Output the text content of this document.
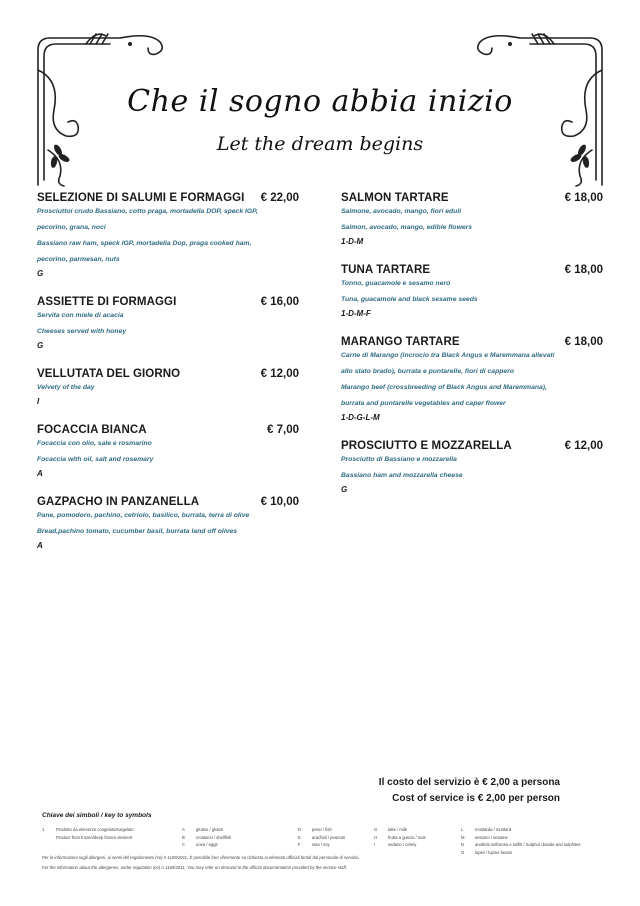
Che il sogno abbia inizio
Let the dream begins
SELEZIONE DI SALUMI E FORMAGGI € 22,00
Prosciuttoi crudo Bassiano, cotto praga, mortadella DOP, speck IGP,
pecorino, grana, noci
Bassiano raw ham, speck IGP, mortadella Dop, praga cooked ham,
pecorino, parmesan, nuts
G
ASSIETTE DI FORMAGGI	€ 16,00
Servita con miele di acacia
Cheeses served with honey
G
VELLUTATA DEL GIORNO	€ 12,00
Velvety of the day
I
FOCACCIA BIANCA	€ 7,00
Focaccia con olio, sale e rosmarino
Focaccia with oil, salt and rosemary
A
GAZPACHO IN PANZANELLA	€ 10,00
Pane, pomodoro, pachino, cetriolo, basilico, burrata, terra di olive
Bread,pachino tomato, cucumber basil, burrata land off olives
A
SALMON TARTARE	€ 18,00
Salmone, avocado, mango, fiori eduli
Salmon, avocado, mango, edible flowers
1-D-M
TUNA TARTARE	€ 18,00
Tonno, guacamole e sesamo nero
Tuna, guacamole and black sesame seeds
1-D-M-F
MARANGO TARTARE	€ 18,00
Carne di Marango (incrocio tra Black Angus e Maremmana allevati
allo stato brado), burrata e puntarelle, fiori di cappero
Marango beef (crossbreeding of Black Angus and Maremmana),
burrata and puntarelle vegetables and caper flower
1-D-G-L-M
PROSCIUTTO E MOZZARELLA	€ 12,00
Prosciutto di Bassiano e mozzarella
Bassiano ham and mozzarella cheese
G
Il costo del servizio è € 2,00 a persona
Cost of service is € 2,00 per person
Chiave dei simboli / key to symbols
1	Prodotto da elemento congelato/surgelato
Product from frozen/deep frozen element
A	glutine / gluten
B	crostacei / shellfish
C	uova / eggs
D	pesci / fish
E	arachidi / peanuts
F	soia / soy
G	latte / milk
H	frutta a guscio / nuts
I	sedano / celery
L	mostarda / mustard
M	sesamo / sesame
N	anidride solforosa e solfiti / Sulphur dioxide and sulphites
O	lupini / lupine beans
Per le informazioni sugli allergeni, ai sensi del regolamento (ce) n 1169/2011, È possibile fare riferimento su richiesta ai elementi ufficiali forniti dal personale di servizio.
For the information about the allergenes, under regulation (ce) n 1169/2011, You may refer on demand to the official documentation provided by the service staff.
